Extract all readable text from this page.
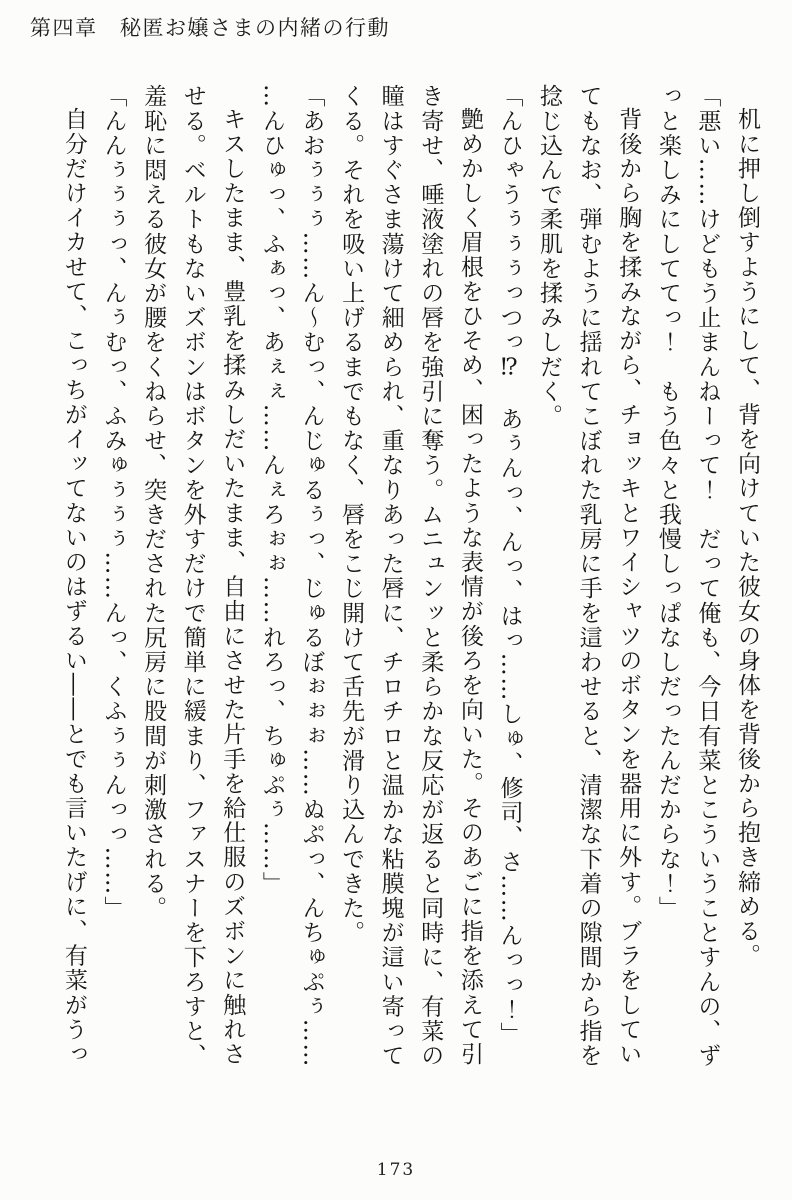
第四章　秘匿お嬢さまの内緒の行動

机に押し倒すようにして、背を向けていた彼女の身体を背後から抱き締める。

「悪い……けどもう止まんねーって！　だって俺も、今日有菜とこういうことすんの、ず

っと楽しみにしててっ！　もう色々と我慢しっぱなしだったんだからな！」

背後から胸を揉みながら、チョッキとワイシャツのボタンを器用に外す。ブラをしてい

てもなお、弾むように揺れてこぼれた乳房に手を這わせると、清潔な下着の隙間から指を

捻じ込んで柔肌を揉みしだく。

「んひゃうぅぅぅっつっ⁉　あぅんっ、んっ、はっ……しゅ、修司、さ……んっっ！」

艶めかしく眉根をひそめ、困ったような表情が後ろを向いた。そのあごに指を添えて引

き寄せ、唾液塗れの唇を強引に奪う。ムニュンッと柔らかな反応が返ると同時に、有菜の

瞳はすぐさま蕩けて細められ、重なりあった唇に、チロチロと温かな粘膜塊が這い寄って

くる。それを吸い上げるまでもなく、唇をこじ開けて舌先が滑り込んできた。

「あおぅぅぅ……ん～むっ、んじゅるぅっ、じゅるぼぉぉぉ……ぬぷっ、んちゅぷぅ……

…んひゅっ、ふぁっ、あぇぇ……んぇろぉぉ……れろっ、ちゅぷぅ……」

キスしたまま、豊乳を揉みしだいたまま、自由にさせた片手を給仕服のズボンに触れさ

せる。ベルトもないズボンはボタンを外すだけで簡単に緩まり、ファスナーを下ろすと、

羞恥に悶える彼女が腰をくねらせ、突きだされた尻房に股間が刺激される。

「んんぅぅぅっ、んぅむっ、ふみゅぅぅぅ……んっ、くふぅぅんっっ……」

自分だけイカせて、こっちがイッてないのはずるい――とでも言いたげに、有菜がうっ

173
